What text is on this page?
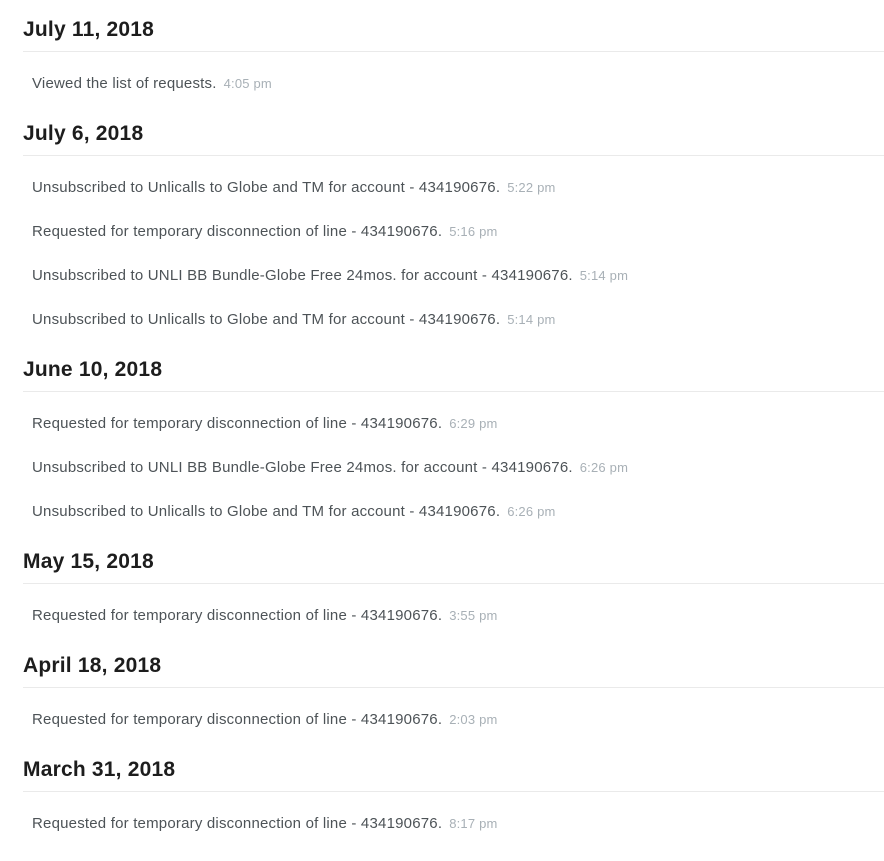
July 11, 2018
Viewed the list of requests. 4:05 pm
July 6, 2018
Unsubscribed to Unlicalls to Globe and TM for account - 434190676. 5:22 pm
Requested for temporary disconnection of line - 434190676. 5:16 pm
Unsubscribed to UNLI BB Bundle-Globe Free 24mos. for account - 434190676. 5:14 pm
Unsubscribed to Unlicalls to Globe and TM for account - 434190676. 5:14 pm
June 10, 2018
Requested for temporary disconnection of line - 434190676. 6:29 pm
Unsubscribed to UNLI BB Bundle-Globe Free 24mos. for account - 434190676. 6:26 pm
Unsubscribed to Unlicalls to Globe and TM for account - 434190676. 6:26 pm
May 15, 2018
Requested for temporary disconnection of line - 434190676. 3:55 pm
April 18, 2018
Requested for temporary disconnection of line - 434190676. 2:03 pm
March 31, 2018
Requested for temporary disconnection of line - 434190676. 8:17 pm
